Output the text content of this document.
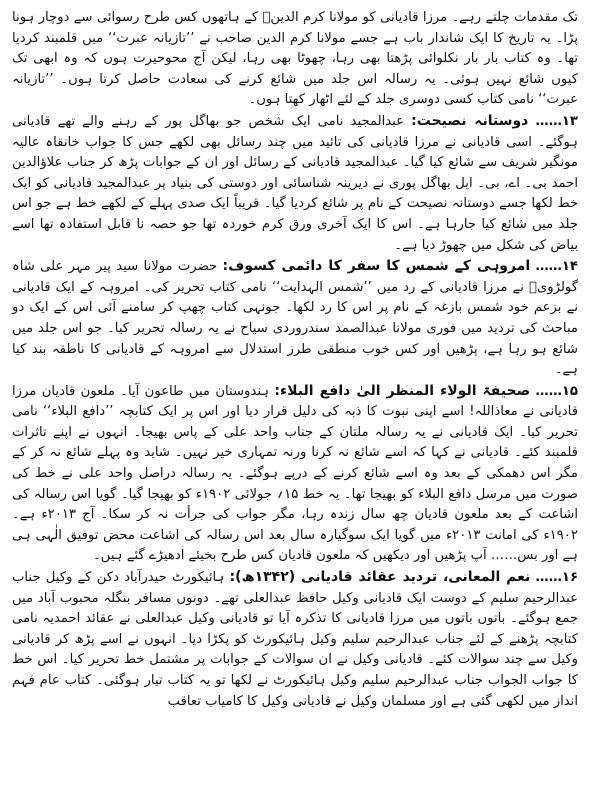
تک مقدمات چلتے رہے۔ مرزا قادیانی کو مولانا کرم الدینؒ کے ہاتھوں کس طرح رسوائی سے دوچار ہونا پڑا۔ یہ تاریخ کا ایک شاندار باب ہے جسے مولانا کرم الدین صاحب نے ’’تازیانہ عبرت‘‘ میں قلمبند کردیا تھا۔ وہ کتاب بار بار نکلوائی پڑھتا بھی رہا، چھوٹا بھی رہا، لیکن آج محوحیرت ہوں کہ وہ ابھی تک کیوں شائع نہیں ہوئی۔ یہ رسالہ اس جلد میں شائع کرنے کی سعادت حاصل کرتا ہوں۔ ’’تازیانہ عبرت‘‘ نامی کتاب کسی دوسری جلد کے لئے اٹھار کھتا ہوں۔

۱۳…… دوستانہ نصیحت: عبدالمجید نامی ایک شخص جو بھاگل پور کے رہنے والے تھے قادیانی ہوگئے۔ اسی قادیانی نے مرزا قادیانی کی تائید میں چند رسائل بھی لکھے جس کا جواب خانقاہ عالیہ مونگیر شریف سے شائع کیا گیا۔ عبدالمجید قادیانی کے رسائل اور ان کے جوابات پڑھ کر جناب علاؤالدین احمد بی۔ اے، بی۔ ایل بھاگل پوری نے دیرینہ شناسائی اور دوستی کی بنیاد پر عبدالمجید قادیانی کو ایک خط لکھا جسے دوستانہ نصیحت کے نام پر شائع کردیا گیا۔ قریباً ایک صدی پہلے کے لکھے خط ہے جو اس جلد میں شائع کیا جارہا ہے۔ اس کا ایک آخری ورق کرم خوردہ تھا جو حصہ نا قابل استفادہ تھا اسے بیاض کی شکل میں چھوڑ دیا ہے۔

۱۴…… امروہی کے شمس کا سفر کا دائمی کسوف: حضرت مولانا سید پیر مہر علی شاہ گولڑویؒ نے مرزا قادیانی کے رد میں ’’شمس الہدایت‘‘ نامی کتاب تحریر کی۔ امروہہ کے ایک قادیانی نے بزعم خود شمس بازغہ کے نام پر اس کا رد لکھا۔ جونہی کتاب چھپ کر سامنے آئی اس کے ایک دو مباحث کی تردید میں فوری مولانا عبدالصمد سندروردی سیاح نے یہ رسالہ تحریر کیا۔ جو اس جلد میں شائع ہو رہا ہے، پڑھیں اور کس خوب منطقی طرز استدلال سے امروہہ کے قادیانی کا ناطقہ بند کیا ہے۔

۱۵…… صحیفۃ الولاء المنظر الیٰ دافع البلاء: ہندوستان میں طاعون آیا۔ ملعون قادیان مرزا قادیانی نے معاذاللہ! اسے اپنی نبوت کا ذبہ کی دلیل قرار دیا اور اس پر ایک کتابچہ ’’دافع البلاء‘‘ نامی تحریر کیا۔ ایک قادیانی نے یہ رسالہ ملتان کے جناب واحد علی کے پاس بھیجا۔ انہوں نے اپنے تاثرات قلمبند کئے۔ قادیانی نے کہا کہ اسے شائع نہ کرنا ورنہ تمہاری خیر نہیں۔ شاید وہ پہلے شائع نہ کر کے مگر اس دھمکی کے بعد وہ اسے شائع کرنے کے درپے ہوگئے۔ یہ رسالہ دراصل واحد علی نے خط کی صورت میں مرسل دافع البلاء کو بھیجا تھا۔ یہ خط ۱۵؍ جولائی ۱۹۰۲ء کو بھیجا گیا۔ گویا اس رسالہ کی اشاعت کے بعد ملعون قادیان چھ سال زندہ رہا، مگر جواب کی جرأت نہ کر سکا۔ آج ۲۰۱۳ء ہے۔ ۱۹۰۲ء کی امانت ۲۰۱۳ء میں گویا ایک سوگیارہ سال بعد اس رسالہ کی اشاعت محض توفیق الٰہی ہی ہے اور بس…… آپ پڑھیں اور دیکھیں کہ ملعون قادیان کس طرح بخیئے ادھیڑے گئے ہیں۔

۱۶…… نعم المعانی، تردید عقائد قادیانی (۱۳۴۲ھ): ہائیکورٹ حیدرآباد دکن کے وکیل جناب عبدالرحیم سلیم کے دوست ایک قادیانی وکیل حافظ عبدالعلی تھے۔ دونوں مسافر بنگلہ محبوب آباد میں جمع ہوگئے۔ باتوں باتوں میں مرزا قادیانی کا تذکرہ آیا تو قادیانی وکیل عبدالعلی نے عقائد احمدیہ نامی کتابچہ پڑھنے کے لئے جناب عبدالرحیم سلیم وکیل ہائیکورٹ کو پکڑا دیا۔ انہوں نے اسے پڑھ کر قادیانی وکیل سے چند سوالات کئے۔ قادیانی وکیل نے ان سوالات کے جوابات پر مشتمل خط تحریر کیا۔ اس خط کا جواب الجواب جناب عبدالرحیم سلیم وکیل ہائیکورٹ نے لکھا تو یہ کتاب تیار ہوگئی۔ کتاب عام فہم انداز میں لکھی گئی ہے اور مسلمان وکیل نے قادیانی وکیل کا کامیاب تعاقب
